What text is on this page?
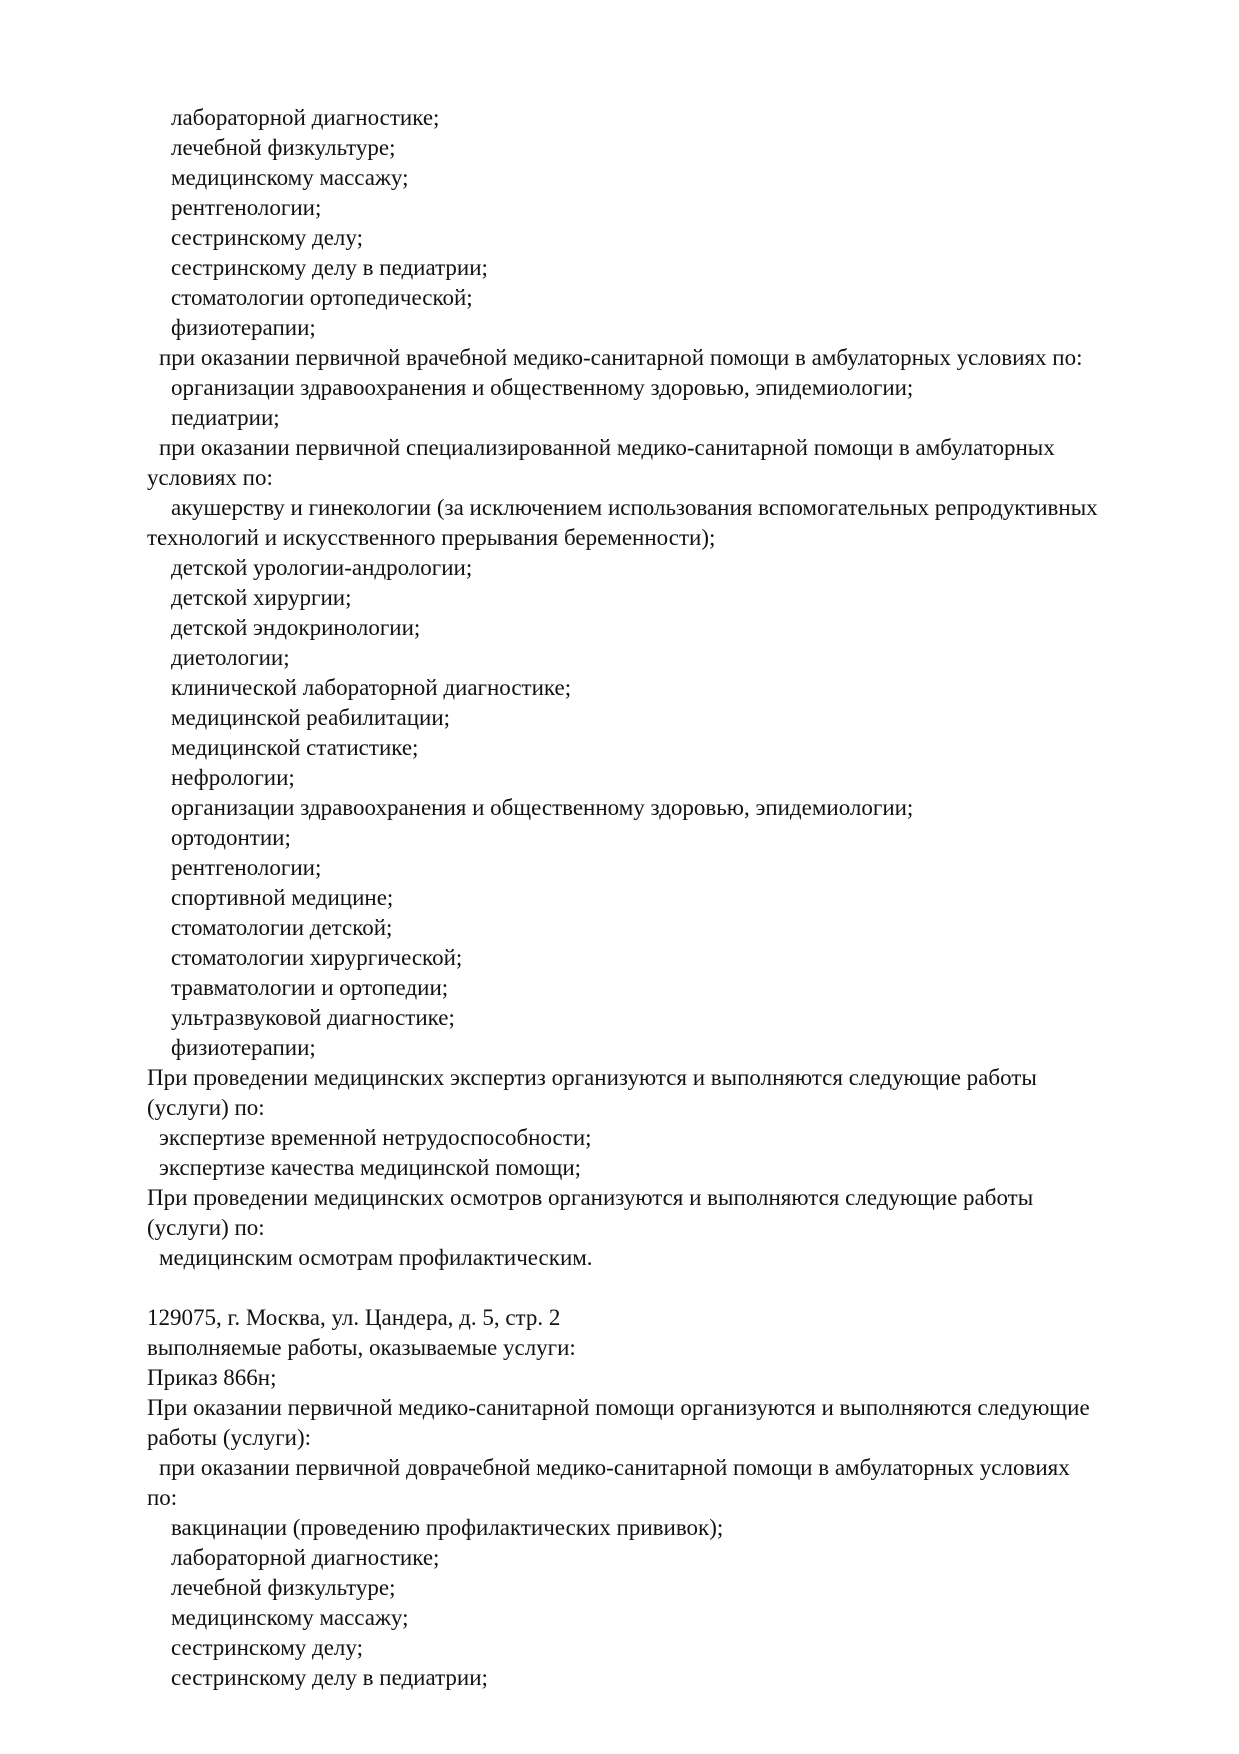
лабораторной диагностике;
лечебной физкультуре;
медицинскому массажу;
рентгенологии;
сестринскому делу;
сестринскому делу в педиатрии;
стоматологии ортопедической;
физиотерапии;
при оказании первичной врачебной медико-санитарной помощи в амбулаторных условиях по:
организации здравоохранения и общественному здоровью, эпидемиологии;
педиатрии;
при оказании первичной специализированной медико-санитарной помощи в амбулаторных
условиях по:
акушерству и гинекологии (за исключением использования вспомогательных репродуктивных
технологий и искусственного прерывания беременности);
детской урологии-андрологии;
детской хирургии;
детской эндокринологии;
диетологии;
клинической лабораторной диагностике;
медицинской реабилитации;
медицинской статистике;
нефрологии;
организации здравоохранения и общественному здоровью, эпидемиологии;
ортодонтии;
рентгенологии;
спортивной медицине;
стоматологии детской;
стоматологии хирургической;
травматологии и ортопедии;
ультразвуковой диагностике;
физиотерапии;
При проведении медицинских экспертиз организуются и выполняются следующие работы
(услуги) по:
экспертизе временной нетрудоспособности;
экспертизе качества медицинской помощи;
При проведении медицинских осмотров организуются и выполняются следующие работы
(услуги) по:
медицинским осмотрам профилактическим.
129075, г. Москва, ул. Цандера, д. 5, стр. 2
выполняемые работы, оказываемые услуги:
Приказ 866н;
При оказании первичной медико-санитарной помощи организуются и выполняются следующие
работы (услуги):
при оказании первичной доврачебной медико-санитарной помощи в амбулаторных условиях
по:
вакцинации (проведению профилактических прививок);
лабораторной диагностике;
лечебной физкультуре;
медицинскому массажу;
сестринскому делу;
сестринскому делу в педиатрии;
